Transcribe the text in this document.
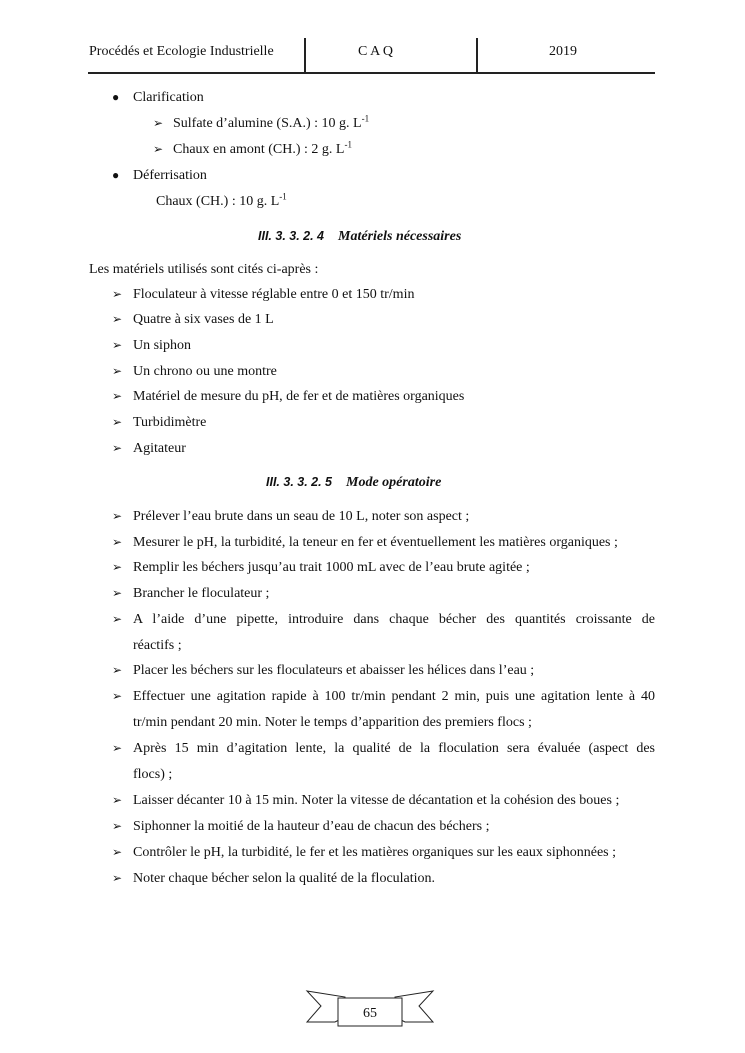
Procédés et Ecologie Industrielle	C A Q	2019
● Clarification
➢ Sulfate d’alumine (S.A.) : 10 g. $L^{-1}$
➢ Chaux en amont (CH.) : 2 g. $L^{-1}$
● Déferrisation
Chaux (CH.) : 10 g. $L^{-1}$
III. 3. 3. 2. 4 Matériels nécessaires
Les matériels utilisés sont cités ci-après :
III. 3. 3. 2. 5 Mode opératoire
65
➢ Floculateur à vitesse réglable entre 0 et 150 tr/min
➢ Quatre à six vases de 1 L
➢ Un siphon
➢ Un chrono ou une montre
➢ Matériel de mesure du pH, de fer et de matières organiques
➢ Turbidimètre
➢ Agitateur
➢ Prélever l’eau brute dans un seau de 10 L, noter son aspect ;
➢ Mesurer le pH, la turbidité, la teneur en fer et éventuellement les matières organiques ;
➢ Remplir les béchers jusqu’au trait 1000 mL avec de l’eau brute agitée ;
➢ Brancher le floculateur ;
➢ A l’aide d’une pipette, introduire dans chaque bécher des quantités croissante de
réactifs ;
➢ Placer les béchers sur les floculateurs et abaisser les hélices dans l’eau ;
➢ Effectuer une agitation rapide à 100 tr/min pendant 2 min, puis une agitation lente à 40
tr/min pendant 20 min. Noter le temps d’apparition des premiers flocs ;
➢ Après 15 min d’agitation lente, la qualité de la floculation sera évaluée (aspect des
flocs) ;
➢ Laisser décanter 10 à 15 min. Noter la vitesse de décantation et la cohésion des boues ;
➢ Siphonner la moitié de la hauteur d’eau de chacun des béchers ;
➢ Contrôler le pH, la turbidité, le fer et les matières organiques sur les eaux siphonnées ;
➢ Noter chaque bécher selon la qualité de la floculation.
